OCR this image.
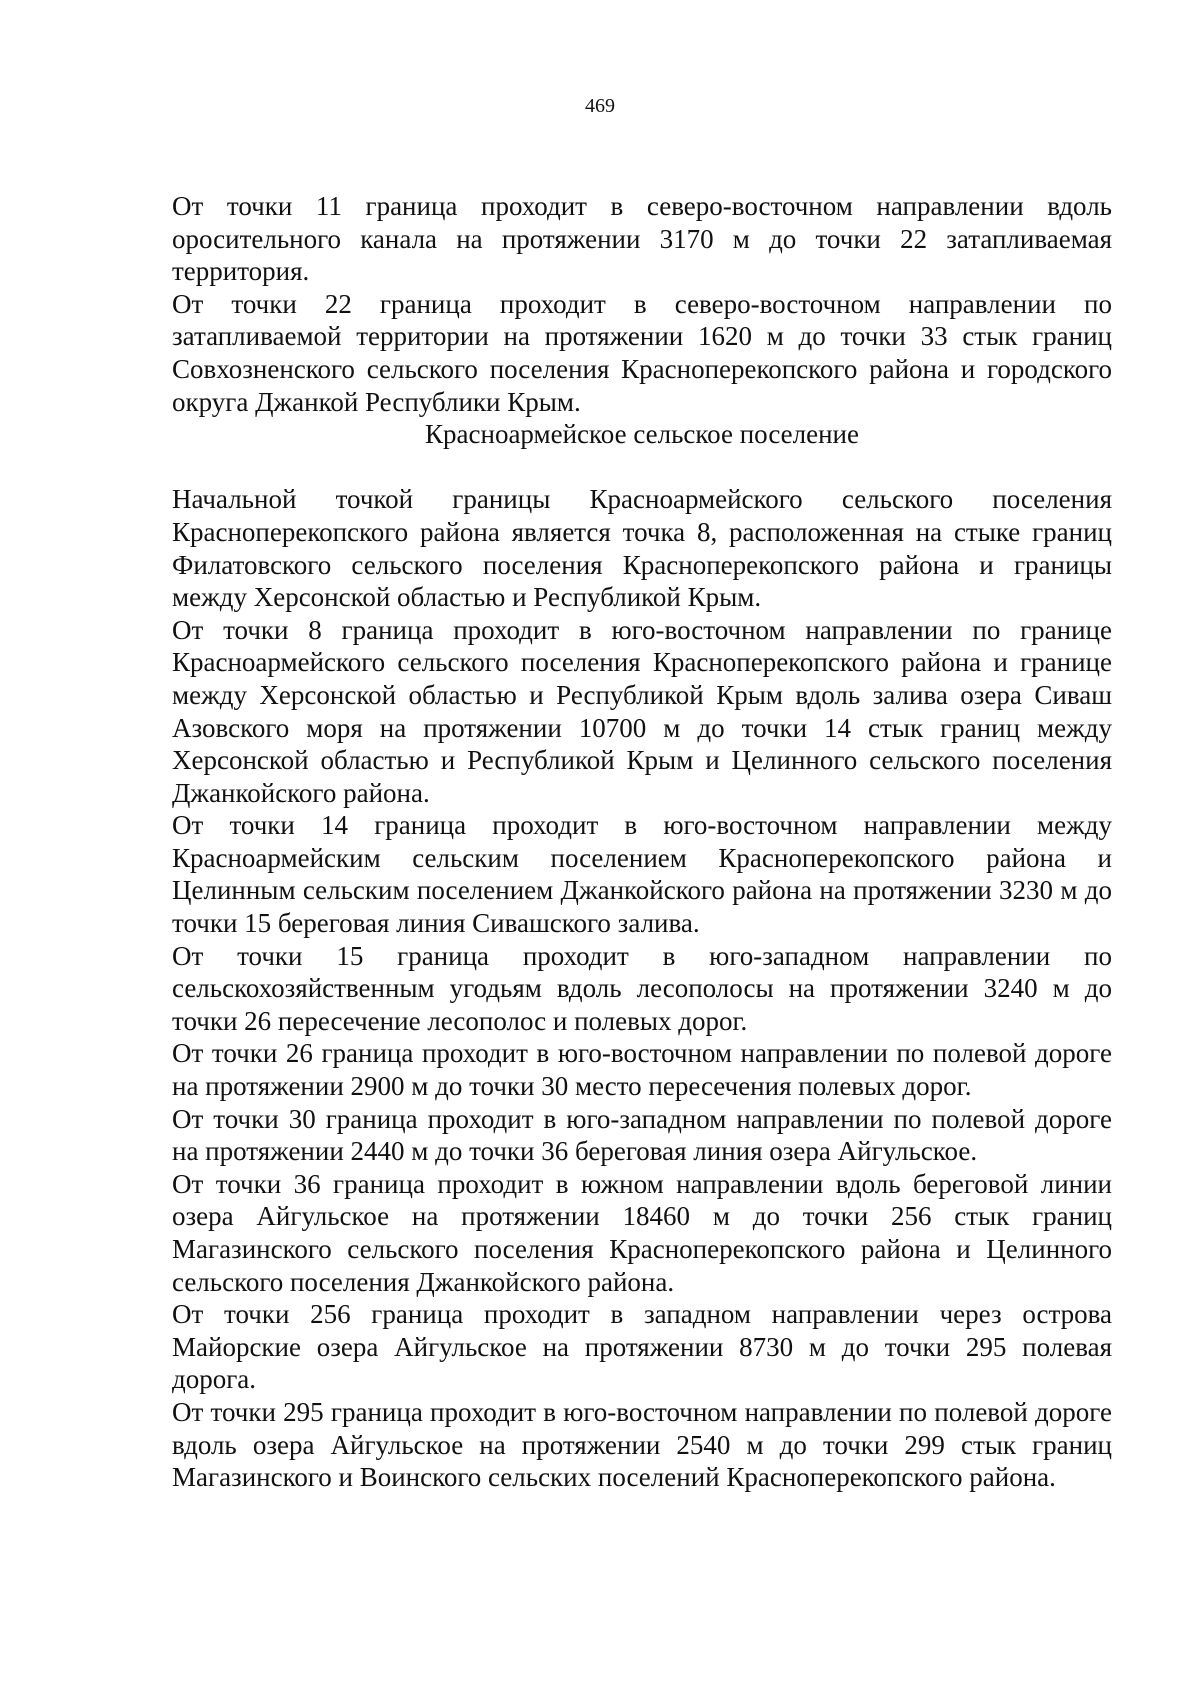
469

От точки 11 граница проходит в северо-восточном направлении вдоль оросительного канала на протяжении 3170 м до точки 22 затапливаемая территория.

От точки 22 граница проходит в северо-восточном направлении по затапливаемой территории на протяжении 1620 м до точки 33 стык границ Совхозненского сельского поселения Красноперекопского района и городского округа Джанкой Республики Крым.

Красноармейское сельское поселение

Начальной точкой границы Красноармейского сельского поселения Красноперекопского района является точка 8, расположенная на стыке границ Филатовского сельского поселения Красноперекопского района и границы между Херсонской областью и Республикой Крым.

От точки 8 граница проходит в юго-восточном направлении по границе Красноармейского сельского поселения Красноперекопского района и границе между Херсонской областью и Республикой Крым вдоль залива озера Сиваш Азовского моря на протяжении 10700 м до точки 14 стык границ между Херсонской областью и Республикой Крым и Целинного сельского поселения Джанкойского района.

От точки 14 граница проходит в юго-восточном направлении между Красноармейским сельским поселением Красноперекопского района и Целинным сельским поселением Джанкойского района на протяжении 3230 м до точки 15 береговая линия Сивашского залива.

От точки 15 граница проходит в юго-западном направлении по сельскохозяйственным угодьям вдоль лесополосы на протяжении 3240 м до точки 26 пересечение лесополос и полевых дорог.

От точки 26 граница проходит в юго-восточном направлении по полевой дороге на протяжении 2900 м до точки 30 место пересечения полевых дорог.

От точки 30 граница проходит в юго-западном направлении по полевой дороге на протяжении 2440 м до точки 36 береговая линия озера Айгульское.

От точки 36 граница проходит в южном направлении вдоль береговой линии озера Айгульское на протяжении 18460 м до точки 256 стык границ Магазинского сельского поселения Красноперекопского района и Целинного сельского поселения Джанкойского района.

От точки 256 граница проходит в западном направлении через острова Майорские озера Айгульское на протяжении 8730 м до точки 295 полевая дорога.

От точки 295 граница проходит в юго-восточном направлении по полевой дороге вдоль озера Айгульское на протяжении 2540 м до точки 299 стык границ Магазинского и Воинского сельских поселений Красноперекопского района.
